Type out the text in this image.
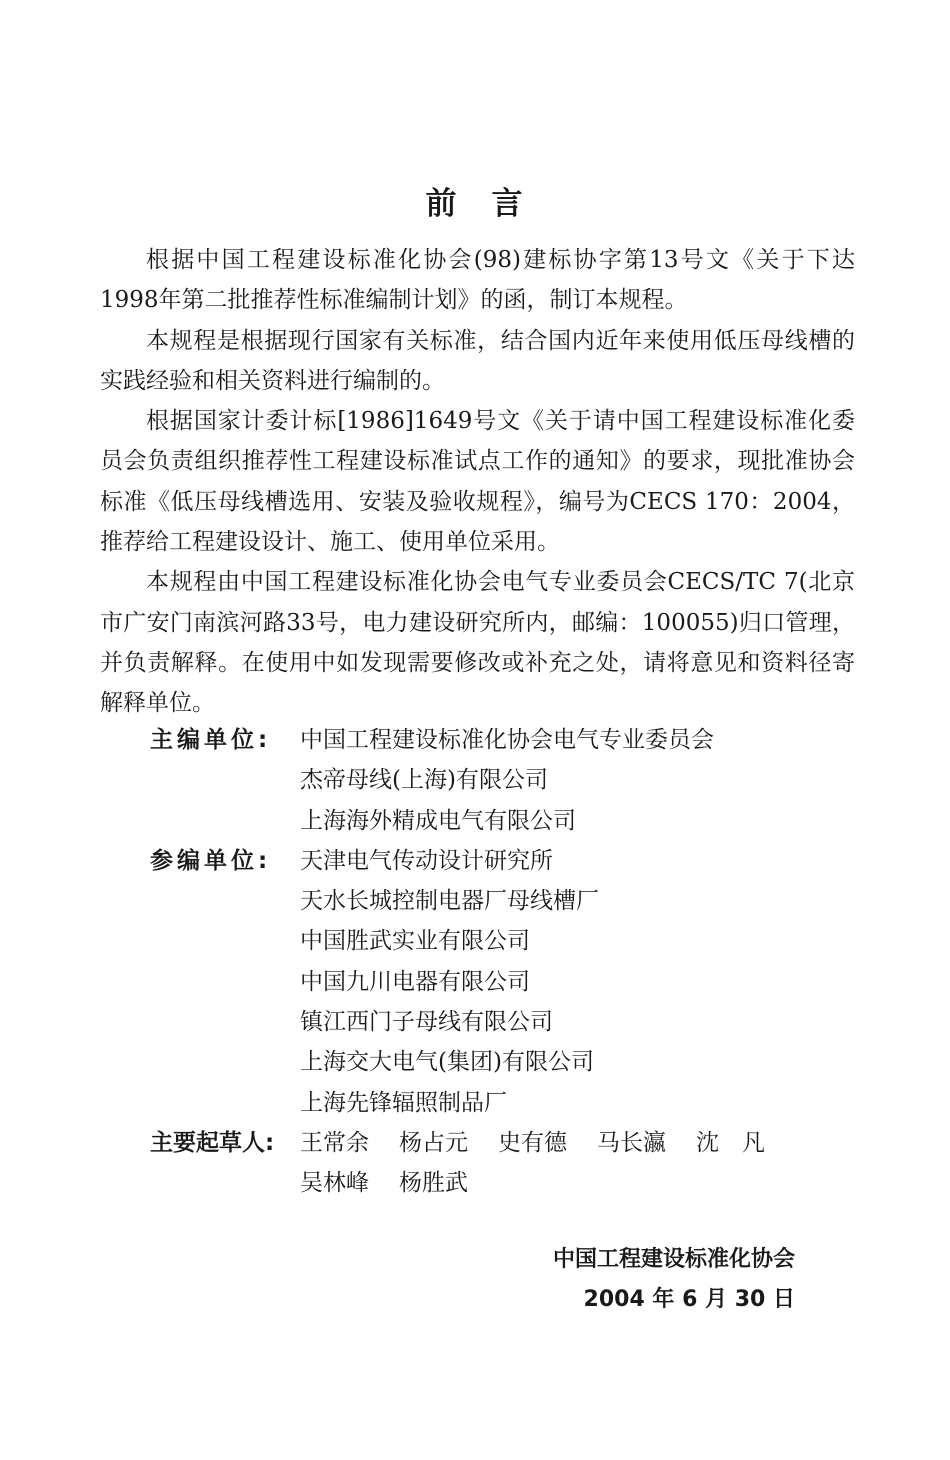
前　言

根据中国工程建设标准化协会(98)建标协字第13号文《关于下达1998年第二批推荐性标准编制计划》的函，制订本规程。

本规程是根据现行国家有关标准，结合国内近年来使用低压母线槽的实践经验和相关资料进行编制的。

根据国家计委计标[1986]1649号文《关于请中国工程建设标准化委员会负责组织推荐性工程建设标准试点工作的通知》的要求，现批准协会标准《低压母线槽选用、安装及验收规程》，编号为CECS 170：2004，推荐给工程建设设计、施工、使用单位采用。

本规程由中国工程建设标准化协会电气专业委员会CECS/TC 7(北京市广安门南滨河路33号，电力建设研究所内，邮编：100055)归口管理，并负责解释。在使用中如发现需要修改或补充之处，请将意见和资料径寄解释单位。

主编单位:	中国工程建设标准化协会电气专业委员会
杰帝母线(上海)有限公司
上海海外精成电气有限公司
参编单位:	天津电气传动设计研究所
天水长城控制电器厂母线槽厂
中国胜武实业有限公司
中国九川电器有限公司
镇江西门子母线有限公司
上海交大电气(集团)有限公司
上海先锋辐照制品厂
主要起草人:	王常余 杨占元 史有德 马长瀛 沈　凡
吴林峰 杨胜武
中国工程建设标准化协会
2004 年 6 月 30 日
